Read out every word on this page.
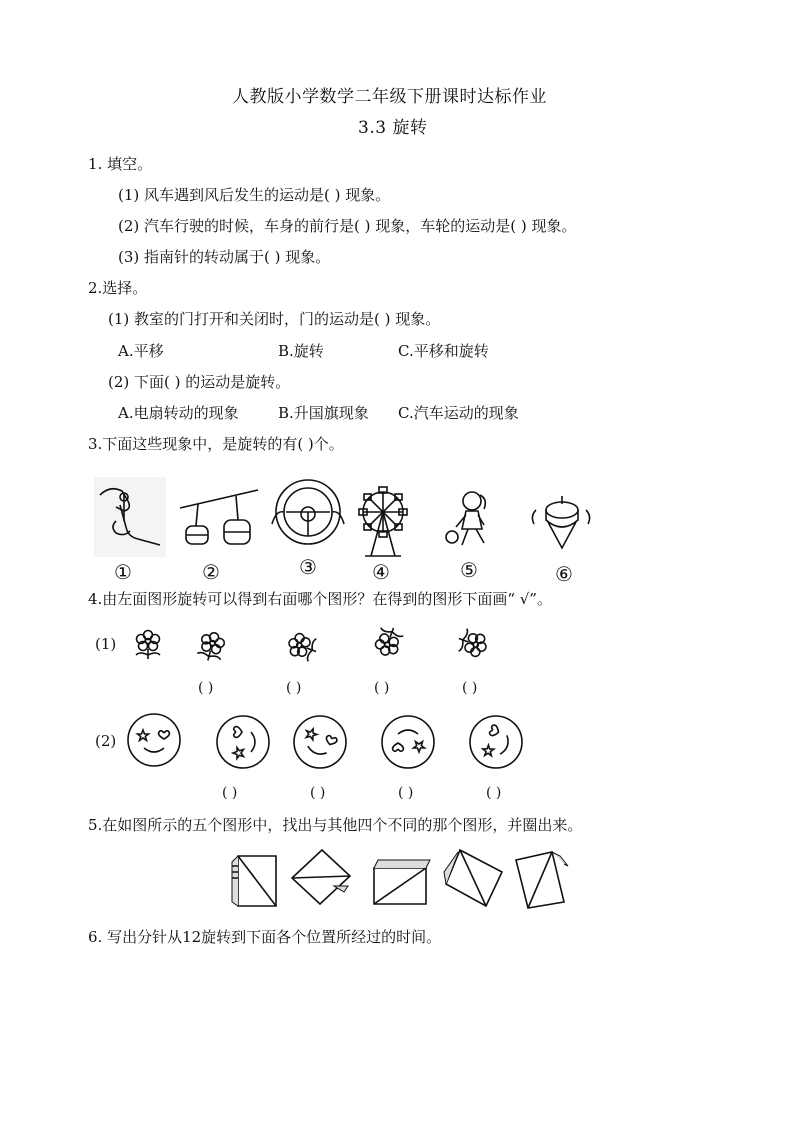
人教版小学数学二年级下册课时达标作业
3.3 旋转
1. 填空。
(1) 风车遇到风后发生的运动是( ) 现象。
(2) 汽车行驶的时候，车身的前行是( ) 现象，车轮的运动是( ) 现象。
(3) 指南针的转动属于( ) 现象。
2.选择。
(1) 教室的门打开和关闭时，门的运动是( ) 现象。
A.平移	B.旋转	C.平移和旋转
(2) 下面( ) 的运动是旋转。
A.电扇转动的现象	B.升国旗现象 C.汽车运动的现象
3.下面这些现象中，是旋转的有( )个。
①	②	③	④	⑤	⑥
4.由左面图形旋转可以得到右面哪个图形？在得到的图形下面画“ √”。
(1)
( )	( )	( )	( )
(2)
( )	( )	( )	( )
5.在如图所示的五个图形中，找出与其他四个不同的那个图形，并圈出来。
6. 写出分针从12旋转到下面各个位置所经过的时间。
